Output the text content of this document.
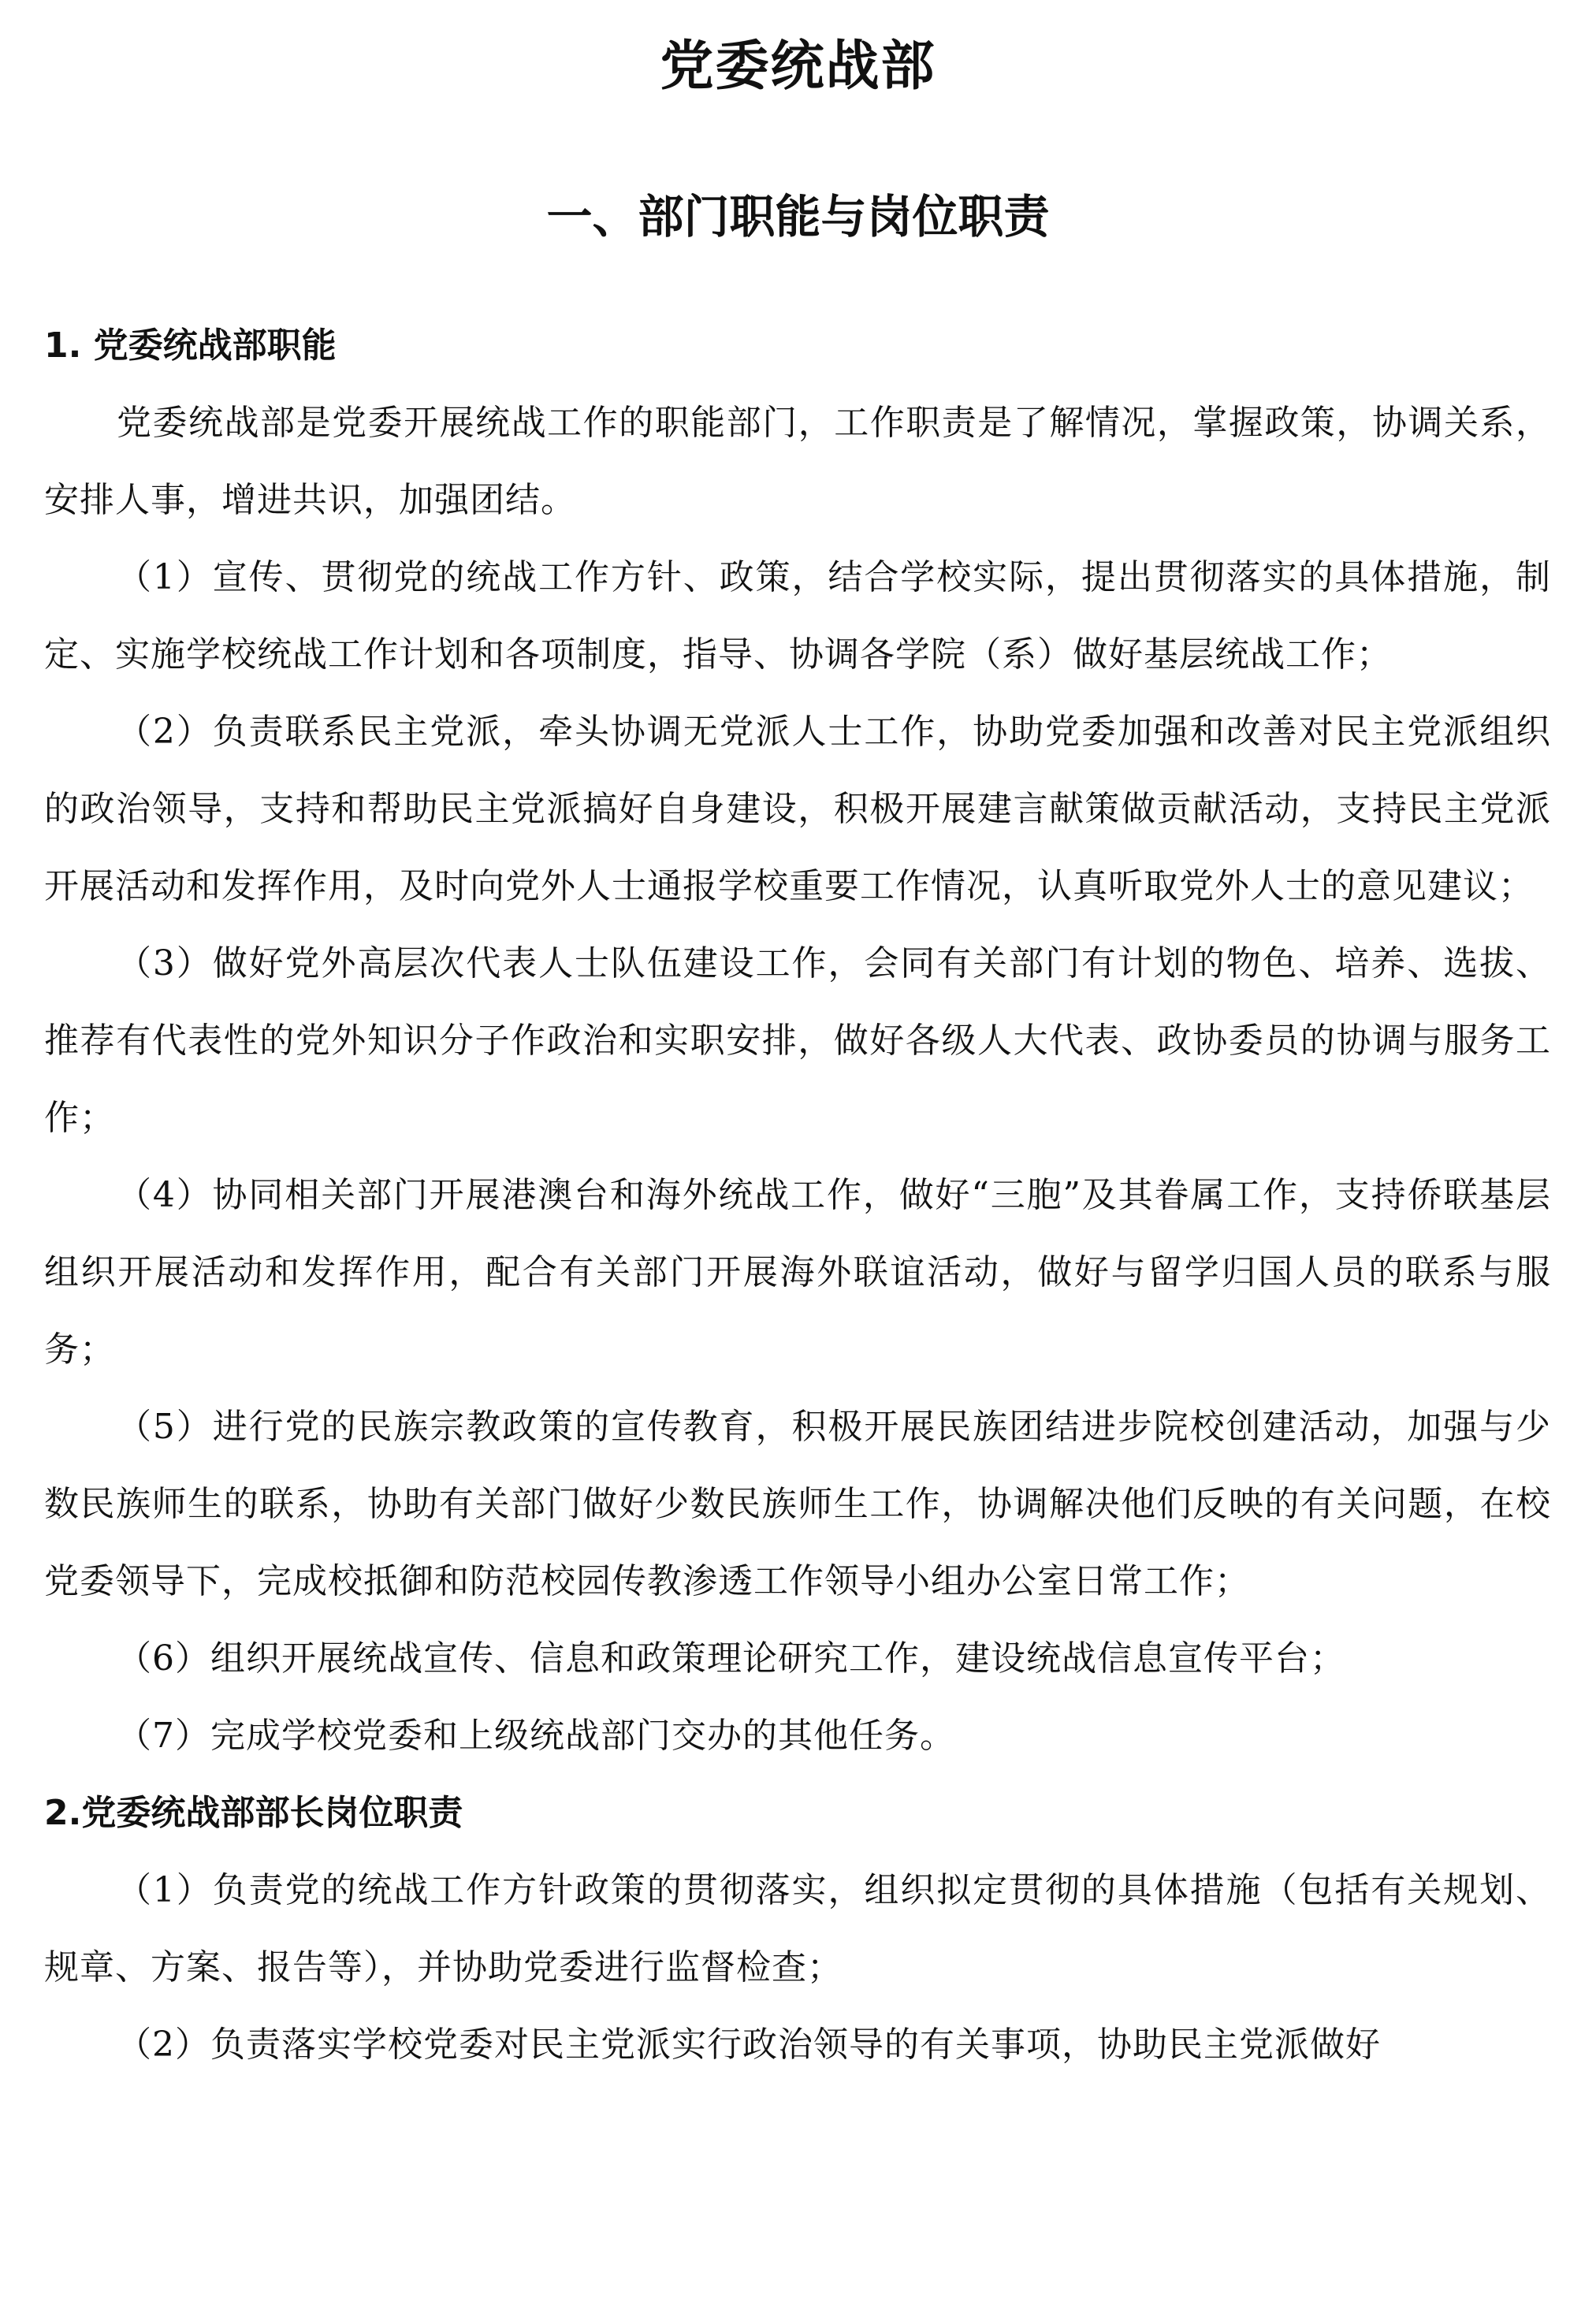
党委统战部
一、部门职能与岗位职责

1. 党委统战部职能

党委统战部是党委开展统战工作的职能部门，工作职责是了解情况，掌握政策，协调关系，安排人事，增进共识，加强团结。

（1）宣传、贯彻党的统战工作方针、政策，结合学校实际，提出贯彻落实的具体措施，制定、实施学校统战工作计划和各项制度，指导、协调各学院（系）做好基层统战工作；

（2）负责联系民主党派，牵头协调无党派人士工作，协助党委加强和改善对民主党派组织的政治领导，支持和帮助民主党派搞好自身建设，积极开展建言献策做贡献活动，支持民主党派开展活动和发挥作用，及时向党外人士通报学校重要工作情况，认真听取党外人士的意见建议；

（3）做好党外高层次代表人士队伍建设工作，会同有关部门有计划的物色、培养、选拔、推荐有代表性的党外知识分子作政治和实职安排，做好各级人大代表、政协委员的协调与服务工作；

（4）协同相关部门开展港澳台和海外统战工作，做好“三胞”及其眷属工作，支持侨联基层组织开展活动和发挥作用，配合有关部门开展海外联谊活动，做好与留学归国人员的联系与服务；

（5）进行党的民族宗教政策的宣传教育，积极开展民族团结进步院校创建活动，加强与少数民族师生的联系，协助有关部门做好少数民族师生工作，协调解决他们反映的有关问题，在校党委领导下，完成校抵御和防范校园传教渗透工作领导小组办公室日常工作；

（6）组织开展统战宣传、信息和政策理论研究工作，建设统战信息宣传平台；

（7）完成学校党委和上级统战部门交办的其他任务。

2.党委统战部部长岗位职责

（1）负责党的统战工作方针政策的贯彻落实，组织拟定贯彻的具体措施（包括有关规划、规章、方案、报告等），并协助党委进行监督检查；

（2）负责落实学校党委对民主党派实行政治领导的有关事项，协助民主党派做好
